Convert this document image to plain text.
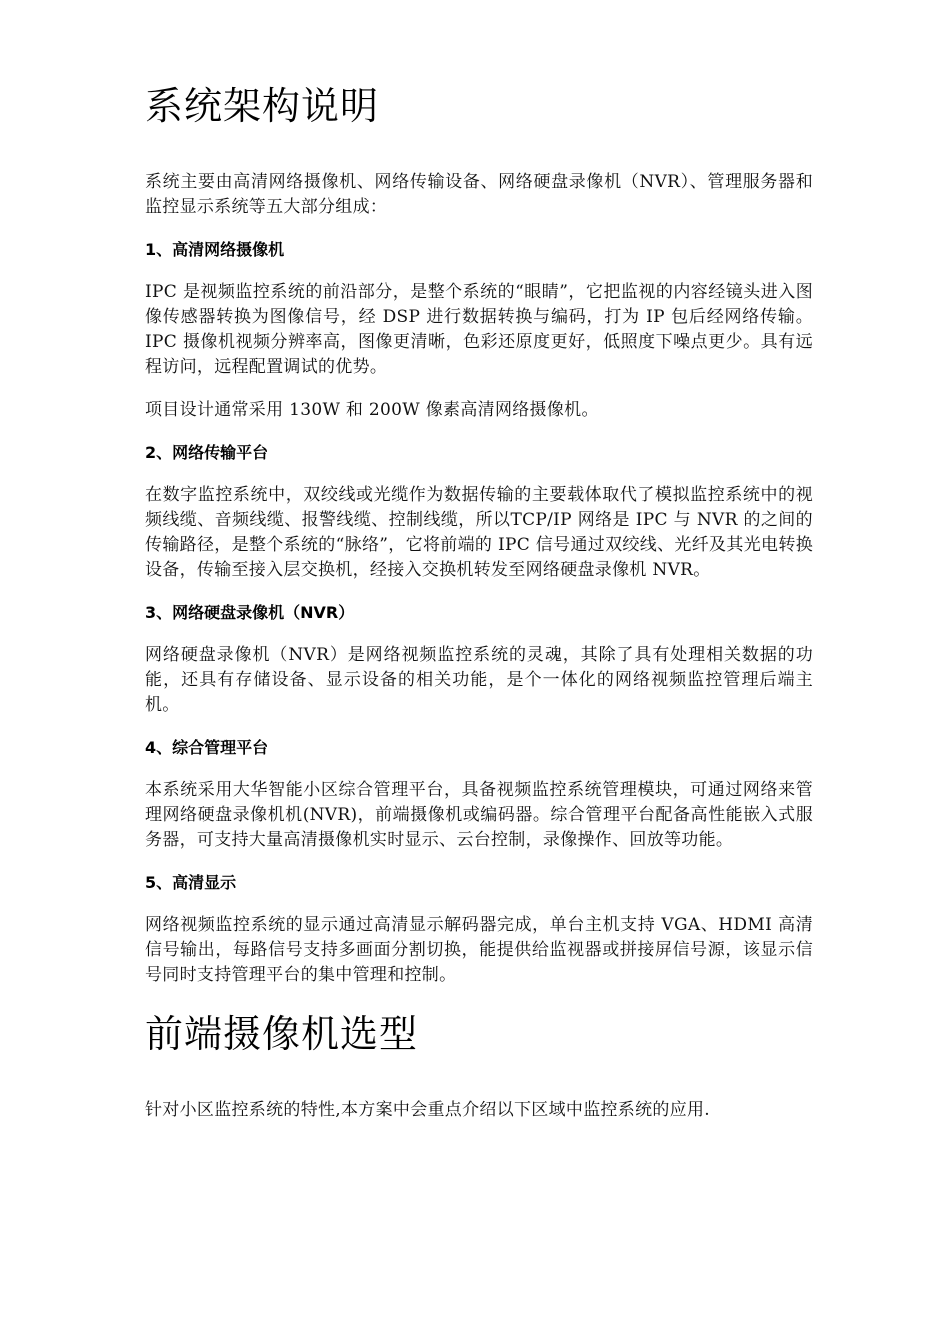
系统架构说明

系统主要由高清网络摄像机、网络传输设备、网络硬盘录像机（NVR）、管理服务器和监控显示系统等五大部分组成：

1、高清网络摄像机

IPC 是视频监控系统的前沿部分，是整个系统的“眼睛”，它把监视的内容经镜头进入图像传感器转换为图像信号，经 DSP 进行数据转换与编码，打为 IP 包后经网络传输。IPC 摄像机视频分辨率高，图像更清晰，色彩还原度更好，低照度下噪点更少。具有远程访问，远程配置调试的优势。

项目设计通常采用 130W 和 200W 像素高清网络摄像机。

2、网络传输平台

在数字监控系统中，双绞线或光缆作为数据传输的主要载体取代了模拟监控系统中的视频线缆、音频线缆、报警线缆、控制线缆，所以TCP/IP 网络是 IPC 与 NVR 的之间的传输路径，是整个系统的“脉络”，它将前端的 IPC 信号通过双绞线、光纤及其光电转换设备，传输至接入层交换机，经接入交换机转发至网络硬盘录像机 NVR。

3、网络硬盘录像机（NVR）

网络硬盘录像机（NVR）是网络视频监控系统的灵魂，其除了具有处理相关数据的功能，还具有存储设备、显示设备的相关功能，是个一体化的网络视频监控管理后端主机。

4、综合管理平台

本系统采用大华智能小区综合管理平台，具备视频监控系统管理模块，可通过网络来管理网络硬盘录像机机(NVR)，前端摄像机或编码器。综合管理平台配备高性能嵌入式服务器，可支持大量高清摄像机实时显示、云台控制，录像操作、回放等功能。

5、高清显示

网络视频监控系统的显示通过高清显示解码器完成，单台主机支持 VGA、HDMI 高清信号输出，每路信号支持多画面分割切换，能提供给监视器或拼接屏信号源，该显示信号同时支持管理平台的集中管理和控制。

前端摄像机选型

针对小区监控系统的特性,本方案中会重点介绍以下区域中监控系统的应用.
